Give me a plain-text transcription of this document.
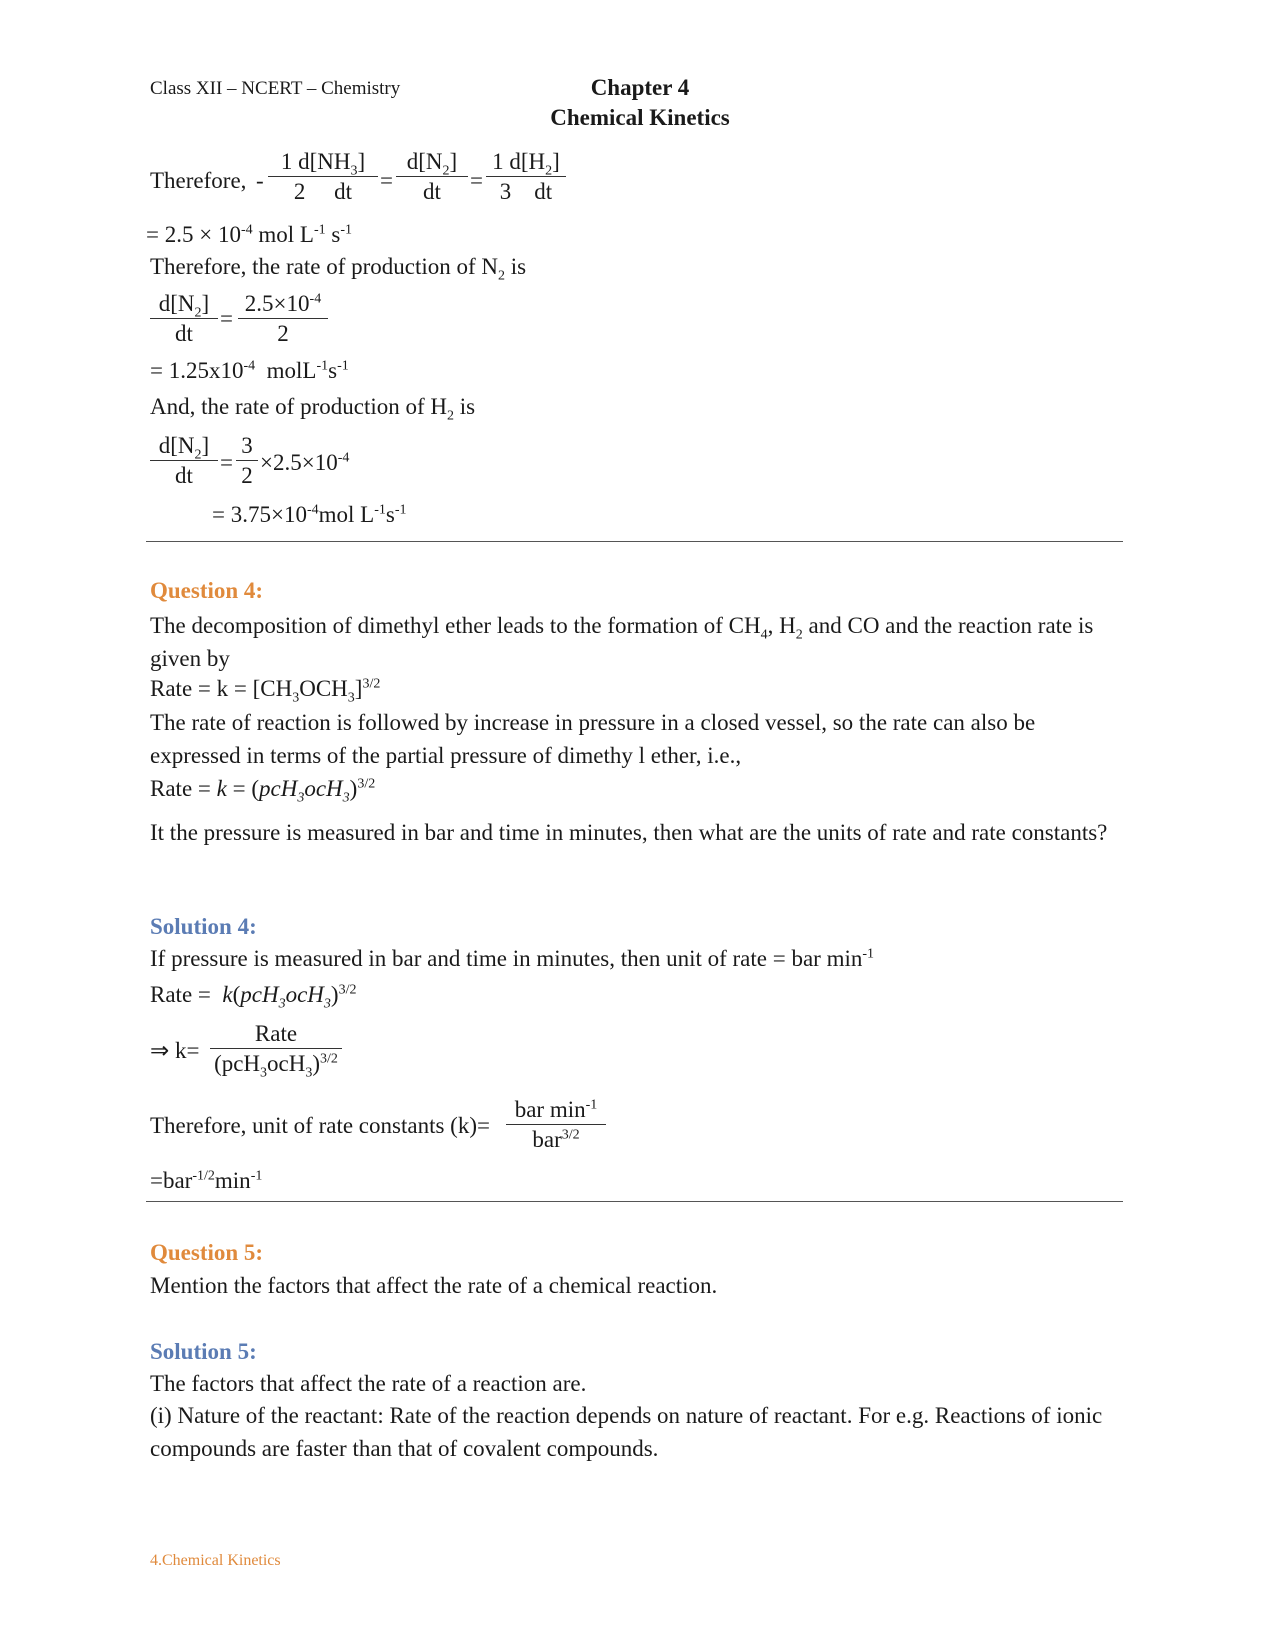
Class XII – NCERT – Chemistry	Chapter 4
Chemical Kinetics
Therefore, -
1 $d[NH_3]$
2     dt	=
$d[N_2]$
dt	=
1 $d[H_2]$
3    dt
= $2.5 \times 10^{-4}$ mol $L^{-1}$ $s^{-1}$
Therefore, the rate of production of $N_2$ is
$d[N_2]$
dt
=
$2.5\times 10^{-4}$
2
= $1.25x10^{-4}$  $molL^{-1}s^{-1}$
And, the rate of production of $H_2$ is
$d[N_2]$
dt
=
3
2
$\times 2.5\times 10^{-4}$
= $3.75\times 10^{-4}mol$ $L^{-1}s^{-1}$
Question 4:
The decomposition of dimethyl ether leads to the formation of $CH_4$, $H_2$ and CO and the reaction rate is given by
Rate = $k = [CH_3OCH_3]^{3/2}$
The rate of reaction is followed by increase in pressure in a closed vessel, so the rate can also be expressed in terms of the partial pressure of dimethy l ether, i.e.,
Rate = $k = (pcH_3ocH_3)^{3/2}$
It the pressure is measured in bar and time in minutes, then what are the units of rate and rate constants?
Solution 4:
If pressure is measured in bar and time in minutes, then unit of rate = bar $\min^{-1}$
Rate =  $k(pcH_3ocH_3)^{3/2}$
⇒ k=
Rate
$(pcH_3ocH_3)^{3/2}$
Therefore, unit of rate constants (k)=
bar $\min^{-1}$
bar$^{3/2}$
$=bar^{-1/2}\min^{-1}$
Question 5:
Mention the factors that affect the rate of a chemical reaction.
Solution 5:
The factors that affect the rate of a reaction are.
(i) Nature of the reactant: Rate of the reaction depends on nature of reactant. For e.g. Reactions of ionic compounds are faster than that of covalent compounds.
4.Chemical Kinetics
